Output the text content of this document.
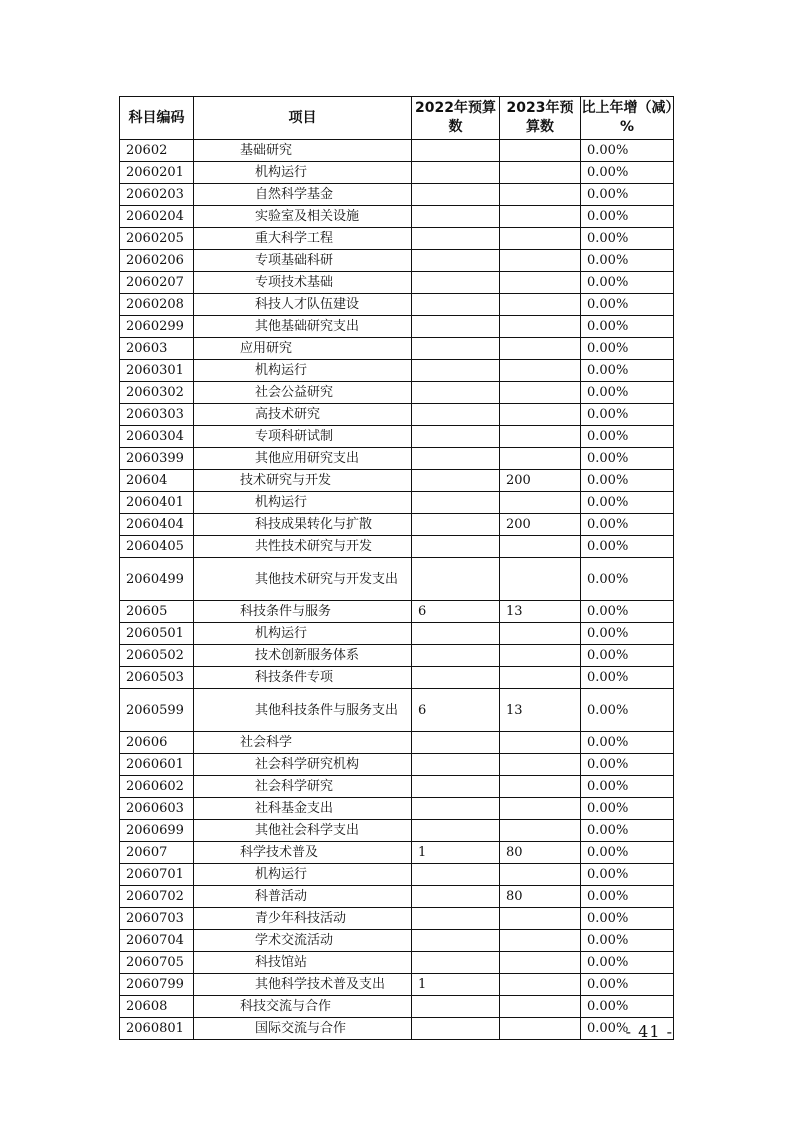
科目编码	项目	2022年预算数	2023年预算数	比上年增（减）%
20602	基础研究			0.00%
2060201	机构运行			0.00%
2060203	自然科学基金			0.00%
2060204	实验室及相关设施			0.00%
2060205	重大科学工程			0.00%
2060206	专项基础科研			0.00%
2060207	专项技术基础			0.00%
2060208	科技人才队伍建设			0.00%
2060299	其他基础研究支出			0.00%
20603	应用研究			0.00%
2060301	机构运行			0.00%
2060302	社会公益研究			0.00%
2060303	高技术研究			0.00%
2060304	专项科研试制			0.00%
2060399	其他应用研究支出			0.00%
20604	技术研究与开发		200	0.00%
2060401	机构运行			0.00%
2060404	科技成果转化与扩散		200	0.00%
2060405	共性技术研究与开发			0.00%
2060499	其他技术研究与开发支出			0.00%
20605	科技条件与服务	6	13	0.00%
2060501	机构运行			0.00%
2060502	技术创新服务体系			0.00%
2060503	科技条件专项			0.00%
2060599	其他科技条件与服务支出	6	13	0.00%
20606	社会科学			0.00%
2060601	社会科学研究机构			0.00%
2060602	社会科学研究			0.00%
2060603	社科基金支出			0.00%
2060699	其他社会科学支出			0.00%
20607	科学技术普及	1	80	0.00%
2060701	机构运行			0.00%
2060702	科普活动		80	0.00%
2060703	青少年科技活动			0.00%
2060704	学术交流活动			0.00%
2060705	科技馆站			0.00%
2060799	其他科学技术普及支出	1		0.00%
20608	科技交流与合作			0.00%
2060801	国际交流与合作			0.00%
- 41 -
